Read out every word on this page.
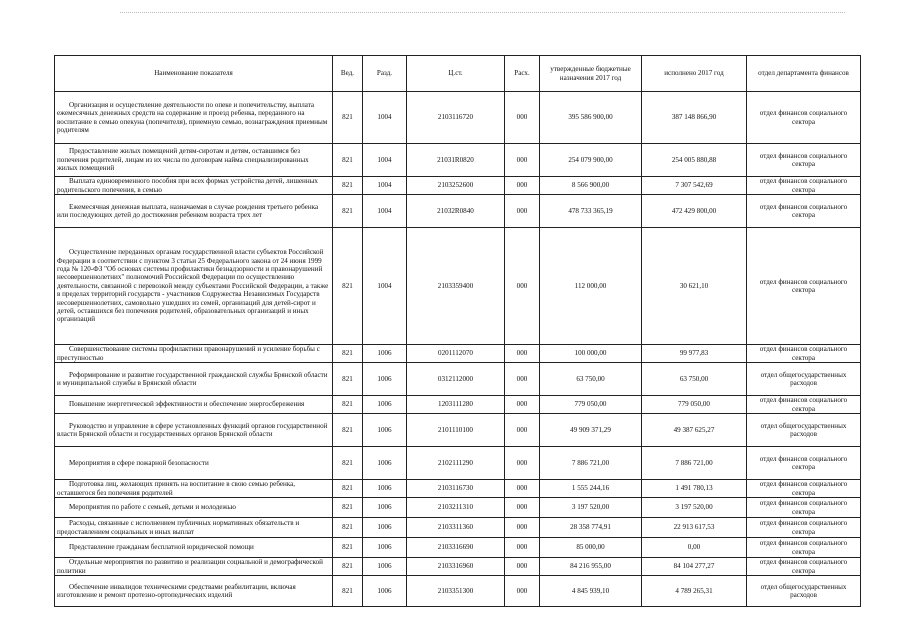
Наименование показателя	Вед.	Разд.	Ц.ст.	Расх.	утвержденные бюджетные назначения 2017 год	исполнено 2017 год	отдел департамента финансов
Организация и осуществление деятельности по опеке и попечительству, выплата ежемесячных денежных средств на содержание и проезд ребенка, переданного на воспитание в семью опекуна (попечителя), приемную семью, вознаграждения приемным родителям	821	1004	2103116720	000	395 586 900,00	387 148 866,90	отдел финансов социального сектора
Предоставление жилых помещений детям-сиротам и детям, оставшимся без попечения родителей, лицам из их числа по договорам найма специализированных жилых помещений	821	1004	21031R0820	000	254 079 900,00	254 005 880,88	отдел финансов социального сектора
Выплата единовременного пособия при всех формах устройства детей, лишенных родительского попечения, в семью	821	1004	2103252600	000	8 566 900,00	7 307 542,69	отдел финансов социального сектора
Ежемесячная денежная выплата, назначаемая в случае рождения третьего ребенка или последующих детей до достижения ребенком возраста трех лет	821	1004	21032R0840	000	478 733 365,19	472 429 800,00	отдел финансов социального сектора
Осуществление переданных органам государственной власти субъектов Российской Федерации в соответствии с пунктом 3 статьи 25 Федерального закона от 24 июня 1999 года № 120-ФЗ "Об основах системы профилактики безнадзорности и правонарушений несовершеннолетних" полномочий Российской Федерации по осуществлению деятельности, связанной с перевозкой между субъектами Российской Федерации, а также в пределах территорий государств - участников Содружества Независимых Государств несовершеннолетних, самовольно ушедших из семей, организаций для детей-сирот и детей, оставшихся без попечения родителей, образовательных организаций и иных организаций	821	1004	2103359400	000	112 000,00	30 621,10	отдел финансов социального сектора
Совершенствование системы профилактики правонарушений и усиление борьбы с преступностью	821	1006	0201112070	000	100 000,00	99 977,83	отдел финансов социального сектора
Реформирование и развитие государственной гражданской службы Брянской области и муниципальной службы в Брянской области	821	1006	0312112000	000	63 750,00	63 750,00	отдел общегосударственных расходов
Повышение энергетической эффективности и обеспечение энергосбережения	821	1006	1203111280	000	779 050,00	779 050,00	отдел финансов социального сектора
Руководство и управление в сфере установленных функций органов государственной власти Брянской области и государственных органов Брянской области	821	1006	2101110100	000	49 909 371,29	49 387 625,27	отдел общегосударственных расходов
Мероприятия в сфере пожарной безопасности	821	1006	2102111290	000	7 886 721,00	7 886 721,00	отдел финансов социального сектора
Подготовка лиц, желающих принять на воспитание в свою семью ребенка, оставшегося без попечения родителей	821	1006	2103116730	000	1 555 244,16	1 491 780,13	отдел финансов социального сектора
Мероприятия по работе с семьей, детьми и молодежью	821	1006	2103211310	000	3 197 520,00	3 197 520,00	отдел финансов социального сектора
Расходы, связанные с исполнением публичных нормативных обязательств и предоставлением социальных и иных выплат	821	1006	2103311360	000	28 358 774,91	22 913 617,53	отдел финансов социального сектора
Представление гражданам бесплатной юридической помощи	821	1006	2103316690	000	85 000,00	0,00	отдел финансов социального сектора
Отдельные мероприятия по развитию и реализации социальной и демографической политики	821	1006	2103316960	000	84 216 955,00	84 104 277,27	отдел финансов социального сектора
Обеспечение инвалидов техническими средствами реабилитации, включая изготовление и ремонт протезно-ортопедических изделий	821	1006	2103351300	000	4 845 939,10	4 789 265,31	отдел общегосударственных расходов
